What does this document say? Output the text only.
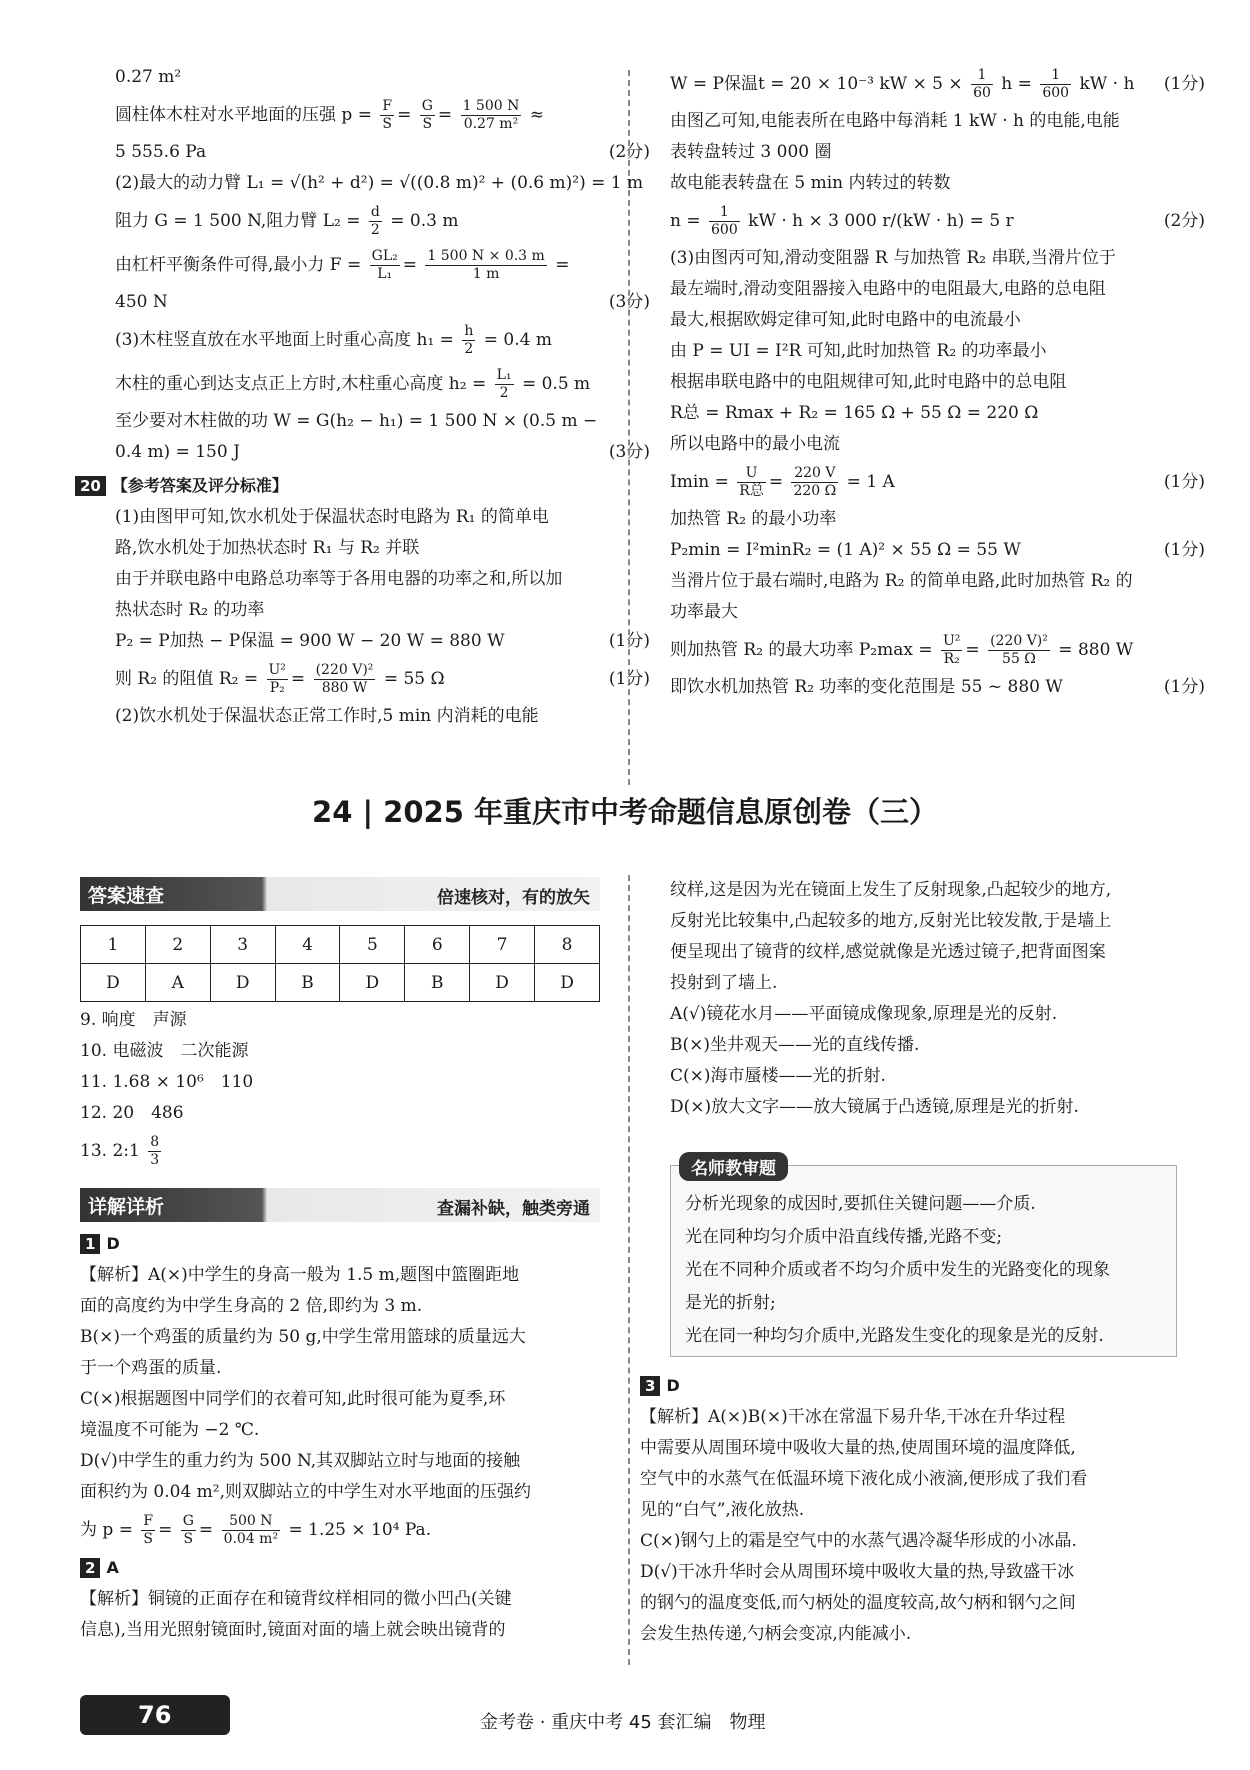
0.27 m²
圆柱体木柱对水平地面的压强 $p = \frac{F}{S} = \frac{G}{S} = \frac{1 500 N}{\text{0.27 m²}}$ ≈
5 555.6 Pa	(2分)
(2)最大的动力臂 L₁ = √(h² + d²) = √((0.8 m)² + (0.6 m)²) = 1 m
阻力 G = 1 500 N,阻力臂 $L_2 = \frac{d}{2} = 0.3$ m
由杠杆平衡条件可得,最小力 $F = \frac{\text{GL₂}}{\text{L₁}} = \frac{1 500 N \times 0.3 m}{1 m}$ =
450 N	(3分)
(3)木柱竖直放在水平地面上时重心高度 $h_1 = \frac{h}{2} = 0.4$ m
木柱的重心到达支点正上方时,木柱重心高度 $h_2 = \frac{\text{L₁}}{2} = 0.5$ m
至少要对木柱做的功 W = G(h₂ − h₁) = 1 500 N × (0.5 m −
0.4 m) = 150 J	(3分)
20 【参考答案及评分标准】
(1)由图甲可知,饮水机处于保温状态时电路为 R₁ 的简单电
路,饮水机处于加热状态时 R₁ 与 R₂ 并联
由于并联电路中电路总功率等于各用电器的功率之和,所以加
热状态时 R₂ 的功率
P₂ = P加热 − P保温 = 900 W − 20 W = 880 W	(1分)
则 R₂ 的阻值 $R_2 = \frac{\text{U²}}{\text{P₂}} = \frac{\text{(220 V)²}}{880 W} = 55$ Ω	(1分)
(2)饮水机处于保温状态正常工作时,5 min 内消耗的电能
W = P保温t = 20 × 10⁻³ kW × $5 \times \frac{1}{60}$ $h = \frac{1}{600}$ kW · h (1分)
由图乙可知,电能表所在电路中每消耗 1 kW · h 的电能,电能
表转盘转过 3 000 圈
故电能表转盘在 5 min 内转过的转数
$n = \frac{1}{600}$ kW · h × 3 000 r/(kW · h) = 5 r	(2分)
(3)由图丙可知,滑动变阻器 R 与加热管 R₂ 串联,当滑片位于
最左端时,滑动变阻器接入电路中的电阻最大,电路的总电阻
最大,根据欧姆定律可知,此时电路中的电流最小
由 P = UI = I²R 可知,此时加热管 R₂ 的功率最小
根据串联电路中的电阻规律可知,此时电路中的总电阻
R总 = Rmax + R₂ = 165 Ω + 55 Ω = 220 Ω
所以电路中的最小电流
$Imin = \frac{U}{\text{R总}} = \frac{220 V}{220 \Omega} = 1$ A	(1分)
加热管 R₂ 的最小功率
P₂min = I²minR₂ = (1 A)² × 55 Ω = 55 W	(1分)
当滑片位于最右端时,电路为 R₂ 的简单电路,此时加热管 R₂ 的
功率最大
则加热管 R₂ 的最大功率 $P_2\max = \frac{\text{U²}}{\text{R₂}} = \frac{\text{(220 V)²}}{55 \Omega} = 880$ W
即饮水机加热管 R₂ 功率的变化范围是 55 ~ 880 W	(1分)
24 | 2025 年重庆市中考命题信息原创卷（三）
答案速查	倍速核对，有的放矢
1	2	3	4	5	6	7	8
D	A	D	B	D	B	D	D
9. 响度　声源
10. 电磁波　二次能源
11. 1.68 × 10⁶　110
12. 20　486
13. 2:1 $\frac{8}{3}$
详解详析	查漏补缺，触类旁通
1 D
【解析】A(×)中学生的身高一般为 1.5 m,题图中篮圈距地
面的高度约为中学生身高的 2 倍,即约为 3 m.
B(×)一个鸡蛋的质量约为 50 g,中学生常用篮球的质量远大
于一个鸡蛋的质量.
C(×)根据题图中同学们的衣着可知,此时很可能为夏季,环
境温度不可能为 −2 ℃.
D(√)中学生的重力约为 500 N,其双脚站立时与地面的接触
面积约为 0.04 m²,则双脚站立的中学生对水平地面的压强约
为 $p = \frac{F}{S} = \frac{G}{S} = \frac{500 N}{\text{0.04 m²}} = 1.25 \times 10^4$ Pa.
2 A
【解析】铜镜的正面存在和镜背纹样相同的微小凹凸(关键
信息),当用光照射镜面时,镜面对面的墙上就会映出镜背的
纹样,这是因为光在镜面上发生了反射现象,凸起较少的地方,
反射光比较集中,凸起较多的地方,反射光比较发散,于是墙上
便呈现出了镜背的纹样,感觉就像是光透过镜子,把背面图案
投射到了墙上.
A(√)镜花水月——平面镜成像现象,原理是光的反射.
B(×)坐井观天——光的直线传播.
C(×)海市蜃楼——光的折射.
D(×)放大文字——放大镜属于凸透镜,原理是光的折射.
名师教审题
分析光现象的成因时,要抓住关键问题——介质.
光在同种均匀介质中沿直线传播,光路不变;
光在不同种介质或者不均匀介质中发生的光路变化的现象
是光的折射;
光在同一种均匀介质中,光路发生变化的现象是光的反射.
3 D
【解析】A(×)B(×)干冰在常温下易升华,干冰在升华过程
中需要从周围环境中吸收大量的热,使周围环境的温度降低,
空气中的水蒸气在低温环境下液化成小液滴,便形成了我们看
见的“白气”,液化放热.
C(×)钢勺上的霜是空气中的水蒸气遇冷凝华形成的小冰晶.
D(√)干冰升华时会从周围环境中吸收大量的热,导致盛干冰
的钢勺的温度变低,而勺柄处的温度较高,故勺柄和钢勺之间
会发生热传递,勺柄会变凉,内能减小.
76	金考卷 · 重庆中考 45 套汇编　物理
